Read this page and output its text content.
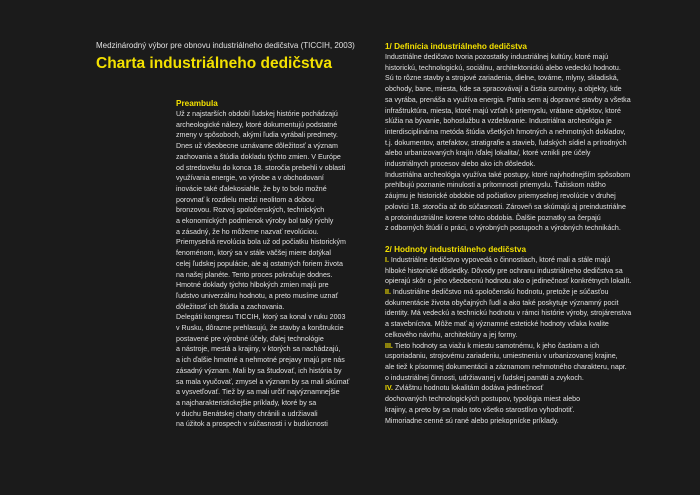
Medzinárodný výbor pre obnovu industriálneho dedičstva (TICCIH, 2003)
Charta industriálneho dedičstva
Preambula
Už z najstarších období ľudskej histórie pochádzajú
archeologické nálezy, ktoré dokumentujú podstatné
zmeny v spôsoboch, akými ľudia vyrábali predmety.
Dnes už všeobecne uznávame dôležitosť a význam
zachovania a štúdia dokladu týchto zmien. V Európe
od stredoveku do konca 18. storočia prebehli v oblasti
využívania energie, vo výrobe a v obchodovaní
inovácie také ďalekosiahle, že by to bolo možné
porovnať k rozdielu medzi neolitom a dobou
bronzovou. Rozvoj spoločenských, technických
a ekonomických podmienok výroby bol taký rýchly
a zásadný, že ho môžeme nazvať revolúciou.
Priemyselná revolúcia bola už od počiatku historickým
fenoménom, ktorý sa v stále väčšej miere dotýkal
celej ľudskej populácie, ale aj ostatných foriem života
na našej planéte. Tento proces pokračuje dodnes.
Hmotné doklady týchto hlbokých zmien majú pre
ľudstvo univerzálnu hodnotu, a preto musíme uznať
dôležitosť ich štúdia a zachovania.
Delegáti kongresu TICCIH, ktorý sa konal v ruku 2003
v Rusku, dôrazne prehlasujú, že stavby a konštrukcie
postavené pre výrobné účely, ďalej technológie
a nástroje, mestá a krajiny, v ktorých sa nachádzajú,
a ich ďalšie hmotné a nehmotné prejavy majú pre nás
zásadný význam. Mali by sa študovať, ich história by
sa mala vyučovať, zmysel a význam by sa mali skúmať
a vysvetľovať. Tiež by sa mali určiť najvýznamnejšie
a najcharakteristickejšie príklady, ktoré by sa
v duchu Benátskej charty chránili a udržiavali
na úžitok a prospech v súčasnosti i v budúcnosti
1/ Definícia industriálneho dedičstva
Industriálne dedičstvo tvoria pozostatky industriálnej kultúry, ktoré majú
historickú, technologickú, sociálnu, architektonickú alebo vedeckú hodnotu.
Sú to rôzne stavby a strojové zariadenia, dielne, továrne, mlyny, skladiská,
obchody, bane, miesta, kde sa spracovávají a čistia suroviny, a objekty, kde
sa vyrába, prenáša a využíva energia. Patria sem aj dopravné stavby a všetka
infraštruktúra, miesta, ktoré majú vzťah k priemyslu, vrátane objektov, ktoré
slúžia na bývanie, bohoslužbu a vzdelávanie. Industriálna archeológia je
interdisciplinárna metóda štúdia všetkých hmotných a nehmotných dokladov,
t.j. dokumentov, artefaktov, stratigrafie a stavieb, ľudských sídiel a prírodných
alebo urbanizovaných krajín /ďalej lokalita/, ktoré vznikli pre účely
industriálnych procesov alebo ako ich dôsledok.
Industriálna archeológia využíva také postupy, ktoré najvhodnejším spôsobom
prehlbujú poznanie minulosti a prítomnosti priemyslu. Ťažiskom nášho
záujmu je historické obdobie od počiatkov priemyselnej revolúcie v druhej
polovici 18. storočia až do súčasnosti. Zároveň sa skúmajú aj preindustriálne
a protoindustriálne korene tohto obdobia. Ďalšie poznatky sa čerpajú
z odborných štúdií o práci, o výrobných postupoch a výrobných technikách.
2/ Hodnoty industriálneho dedičstva
I. Industriálne dedičstvo vypovedá o činnostiach, ktoré mali a stále majú
hlboké historické dôsledky. Dôvody pre ochranu industriálneho dedičstva sa
opierajú skôr o jeho všeobecnú hodnotu ako o jedinečnosť konkrétnych lokalít.
II. Industriálne dedičstvo má spoločenskú hodnotu, pretože je súčasťou
dokumentácie života obyčajných ľudí a ako také poskytuje významný pocit
identity. Má vedeckú a technickú hodnotu v rámci histórie výroby, strojárenstva
a stavebníctva. Môže mať aj významné estetické hodnoty vďaka kvalite
celkového návrhu, architektúry a jej formy.
III. Tieto hodnoty sa viažu k miestu samotnému, k jeho častiam a ich
usporiadaniu, strojovému zariadeniu, umiestneniu v urbanizovanej krajine,
ale tiež k písomnej dokumentácii a záznamom nehmotného charakteru, napr.
o industriálnej činnosti, udržiavanej v ľudskej pamäti a zvykoch.
IV. Zvláštnu hodnotu lokalitám dodáva jedinečnosť
dochovaných technologických postupov, typológia miest alebo
krajiny, a preto by sa malo toto všetko starostlivo vyhodnotiť.
Mimoriadne cenné sú rané alebo priekopnícke príklady.
